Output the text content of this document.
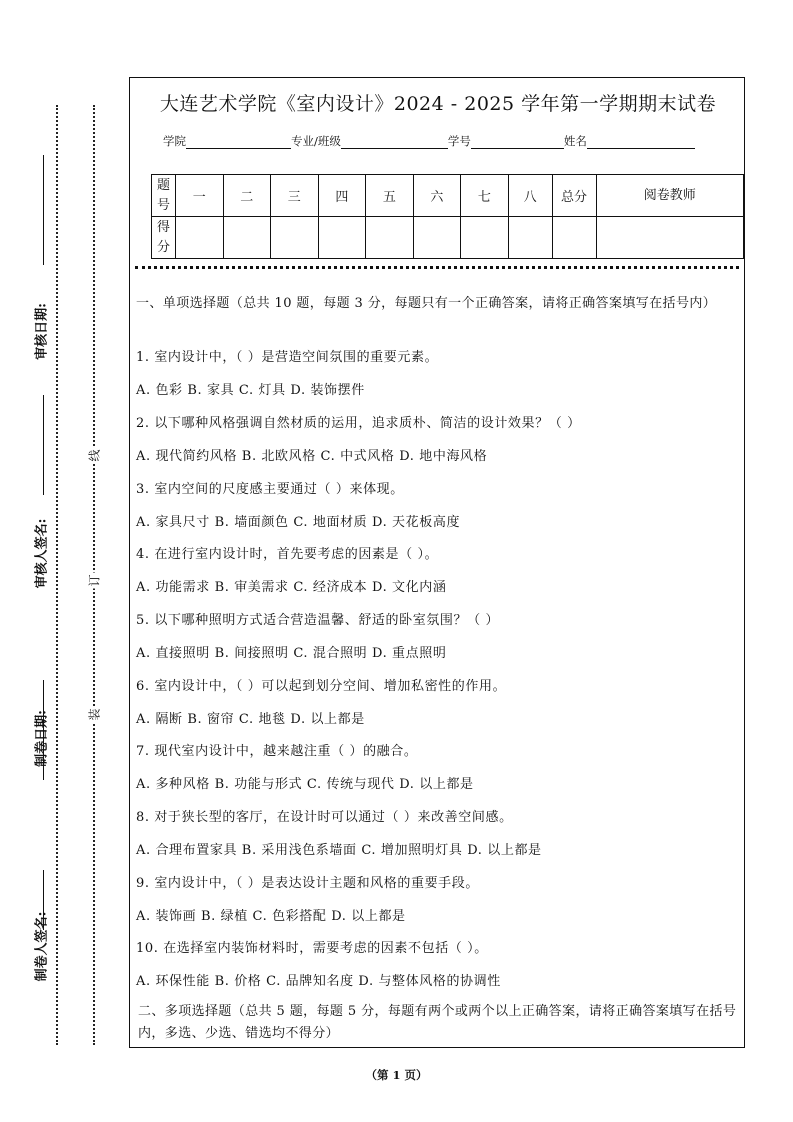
审核日期:
审核人签名:
制卷日期:
制卷人签名:
线
订
装
大连艺术学院《室内设计》2024 - 2025 学年第一学期期末试卷
学院	专业/班级	学号	姓名
题号	一	二	三	四	五	六	七	八	总分	阅卷教师
得分										
一、单项选择题（总共 10 题，每题 3 分，每题只有一个正确答案，请将正确答案填写在括号内）
1. 室内设计中，（ ）是营造空间氛围的重要元素。
A. 色彩 B. 家具 C. 灯具 D. 装饰摆件
2. 以下哪种风格强调自然材质的运用，追求质朴、简洁的设计效果？（ ）
A. 现代简约风格 B. 北欧风格 C. 中式风格 D. 地中海风格
3. 室内空间的尺度感主要通过（ ）来体现。
A. 家具尺寸 B. 墙面颜色 C. 地面材质 D. 天花板高度
4. 在进行室内设计时，首先要考虑的因素是（ ）。
A. 功能需求 B. 审美需求 C. 经济成本 D. 文化内涵
5. 以下哪种照明方式适合营造温馨、舒适的卧室氛围？（ ）
A. 直接照明 B. 间接照明 C. 混合照明 D. 重点照明
6. 室内设计中，（ ）可以起到划分空间、增加私密性的作用。
A. 隔断 B. 窗帘 C. 地毯 D. 以上都是
7. 现代室内设计中，越来越注重（ ）的融合。
A. 多种风格 B. 功能与形式 C. 传统与现代 D. 以上都是
8. 对于狭长型的客厅，在设计时可以通过（ ）来改善空间感。
A. 合理布置家具 B. 采用浅色系墙面 C. 增加照明灯具 D. 以上都是
9. 室内设计中，（ ）是表达设计主题和风格的重要手段。
A. 装饰画 B. 绿植 C. 色彩搭配 D. 以上都是
10. 在选择室内装饰材料时，需要考虑的因素不包括（ ）。
A. 环保性能 B. 价格 C. 品牌知名度 D. 与整体风格的协调性
二、多项选择题（总共 5 题，每题 5 分，每题有两个或两个以上正确答案，请将正确答案填写在括号内，多选、少选、错选均不得分）
（第 1 页）
